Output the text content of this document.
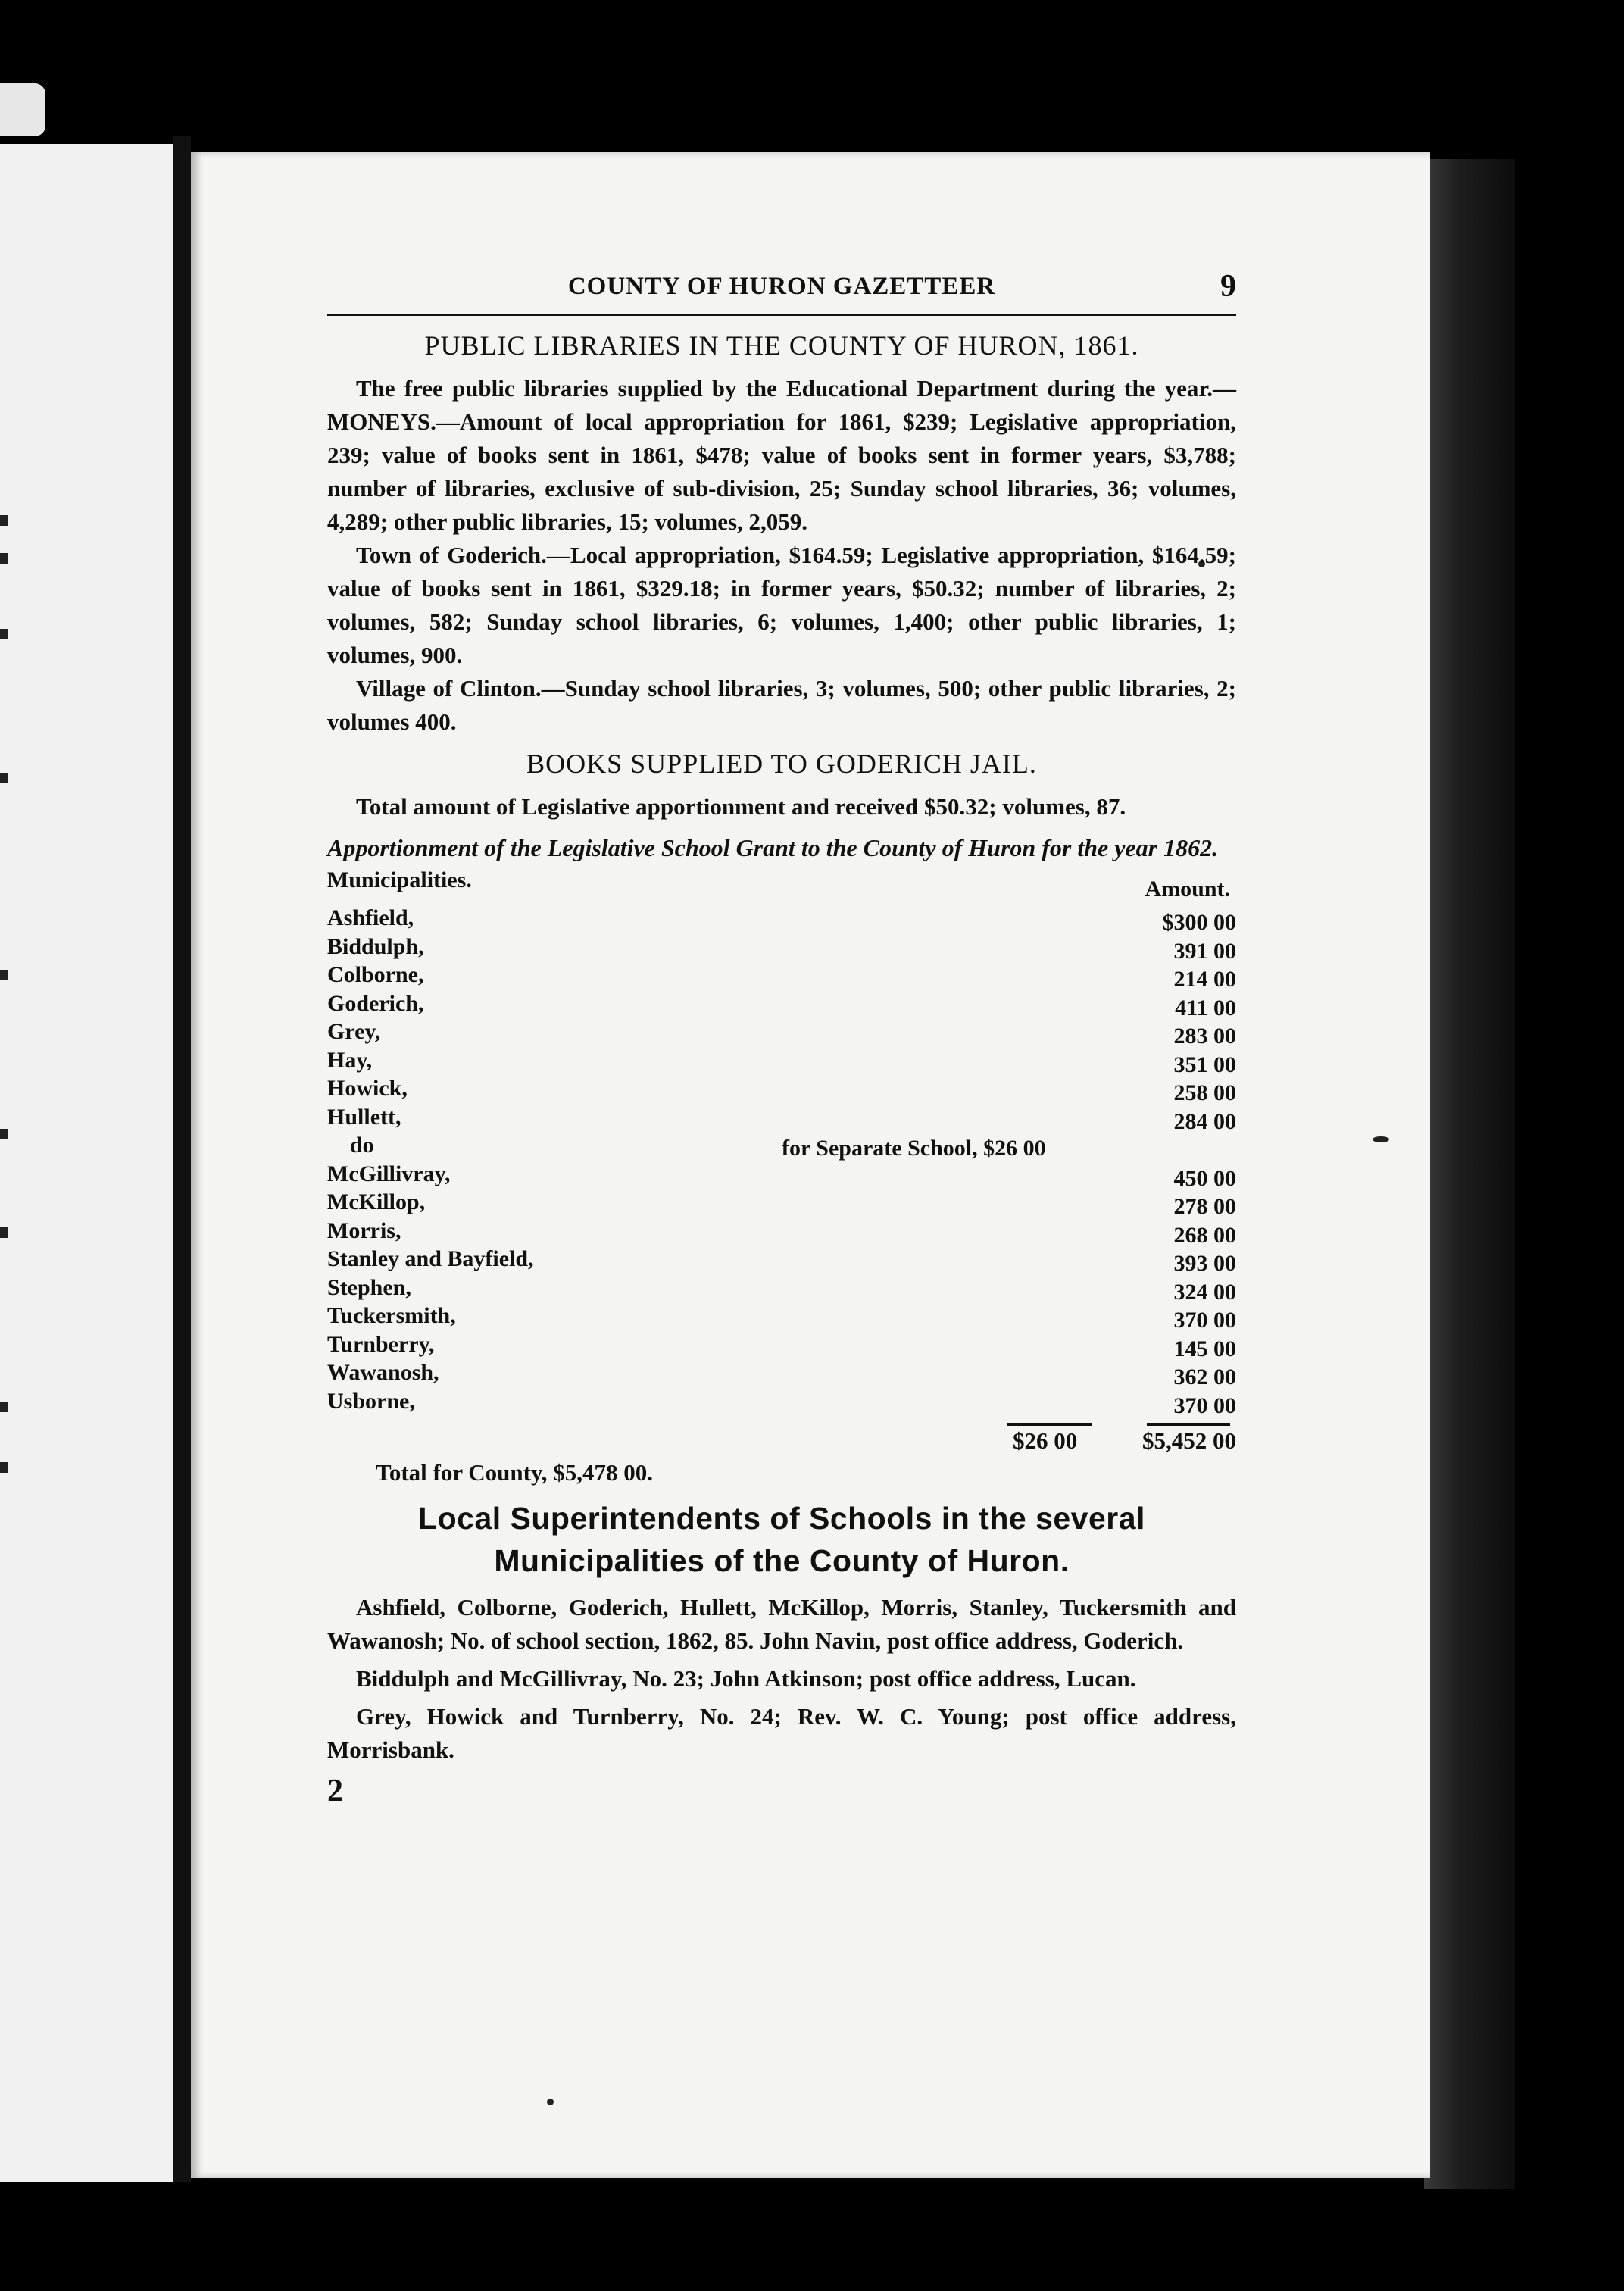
COUNTY OF HURON GAZETTEER	9
PUBLIC LIBRARIES IN THE COUNTY OF HURON, 1861.

The free public libraries supplied by the Educational Department during the year.—MONEYS.—Amount of local appropriation for 1861, $239; Legislative appropriation, 239; value of books sent in 1861, $478; value of books sent in former years, $3,788; number of libraries, exclusive of sub-division, 25; Sunday school libraries, 36; volumes, 4,289; other public libraries, 15; volumes, 2,059.

Town of Goderich.—Local appropriation, $164.59; Legislative appropriation, $164.59; value of books sent in 1861, $329.18; in former years, $50.32; number of libraries, 2; volumes, 582; Sunday school libraries, 6; volumes, 1,400; other public libraries, 1; volumes, 900.

Village of Clinton.—Sunday school libraries, 3; volumes, 500; other public libraries, 2; volumes 400.

BOOKS SUPPLIED TO GODERICH JAIL.

Total amount of Legislative apportionment and received $50.32; volumes, 87.

Apportionment of the Legislative School Grant to the County of Huron for the year 1862.

Municipalities.	Amount.
Ashfield,	$300 00
Biddulph,	391 00
Colborne,	214 00
Goderich,	411 00
Grey,	283 00
Hay,	351 00
Howick,	258 00
Hullett,	284 00
do	for Separate School, $26 00
McGillivray,	450 00
McKillop,	278 00
Morris,	268 00
Stanley and Bayfield,	393 00
Stephen,	324 00
Tuckersmith,	370 00
Turnberry,	145 00
Wawanosh,	362 00
Usborne,	370 00
$26 00	$5,452 00
Total for County, $5,478 00.
Local Superintendents of Schools in the several Municipalities of the County of Huron.

Ashfield, Colborne, Goderich, Hullett, McKillop, Morris, Stanley, Tuckersmith and Wawanosh; No. of school section, 1862, 85. John Navin, post office address, Goderich.

Biddulph and McGillivray, No. 23; John Atkinson; post office address, Lucan.

Grey, Howick and Turnberry, No. 24; Rev. W. C. Young; post office address, Morrisbank.

2
